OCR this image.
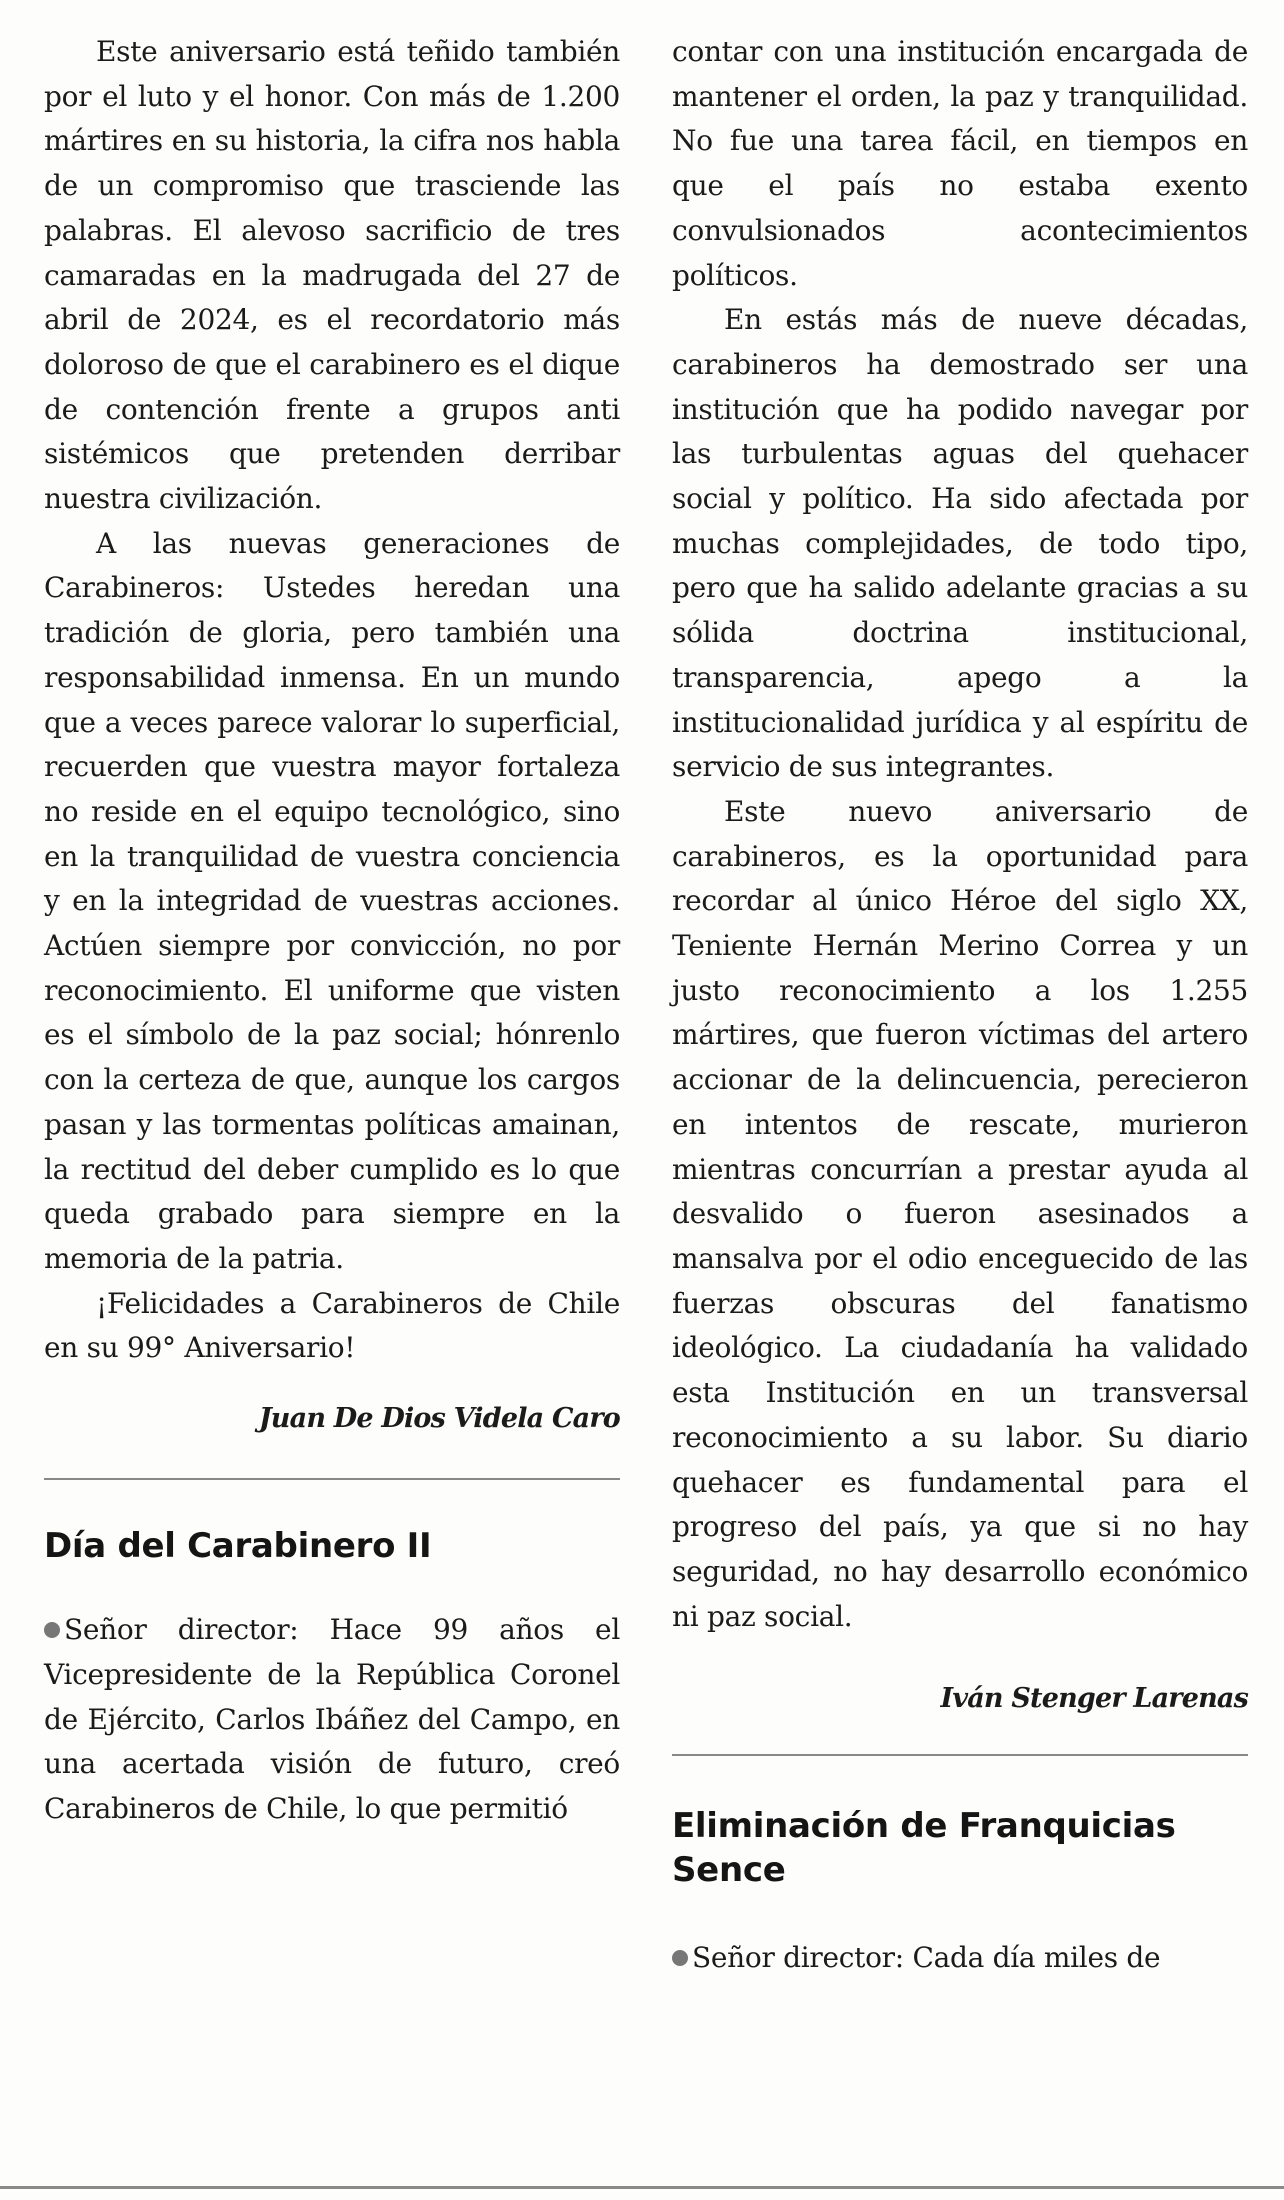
Este aniversario está teñido también por el luto y el honor. Con más de 1.200 mártires en su historia, la cifra nos habla de un compromiso que trasciende las palabras. El alevoso sacrificio de tres camaradas en la madrugada del 27 de abril de 2024, es el recordatorio más doloroso de que el carabinero es el dique de contención frente a grupos anti sistémicos que pretenden derribar nuestra civilización.

A las nuevas generaciones de Carabineros: Ustedes heredan una tradición de gloria, pero también una responsabilidad inmensa. En un mundo que a veces parece valorar lo superficial, recuerden que vuestra mayor fortaleza no reside en el equipo tecnológico, sino en la tranquilidad de vuestra conciencia y en la integridad de vuestras acciones. Actúen siempre por convicción, no por reconocimiento. El uniforme que visten es el símbolo de la paz social; hónrenlo con la certeza de que, aunque los cargos pasan y las tormentas políticas amainan, la rectitud del deber cumplido es lo que queda grabado para siempre en la memoria de la patria.

¡Felicidades a Carabineros de Chile en su 99° Aniversario!

Juan De Dios Videla Caro
Día del Carabinero II

Señor director: Hace 99 años el Vicepresidente de la República Coronel de Ejército, Carlos Ibáñez del Campo, en una acertada visión de futuro, creó Carabineros de Chile, lo que permitió

contar con una institución encargada de mantener el orden, la paz y tranquilidad. No fue una tarea fácil, en tiempos en que el país no estaba exento convulsionados acontecimientos políticos.

En estás más de nueve décadas, carabineros ha demostrado ser una institución que ha podido navegar por las turbulentas aguas del quehacer social y político. Ha sido afectada por muchas complejidades, de todo tipo, pero que ha salido adelante gracias a su sólida doctrina institucional, transparencia, apego a la institucionalidad jurídica y al espíritu de servicio de sus integrantes.

Este nuevo aniversario de carabineros, es la oportunidad para recordar al único Héroe del siglo XX, Teniente Hernán Merino Correa y un justo reconocimiento a los 1.255 mártires, que fueron víctimas del artero accionar de la delincuencia, perecieron en intentos de rescate, murieron mientras concurrían a prestar ayuda al desvalido o fueron asesinados a mansalva por el odio enceguecido de las fuerzas obscuras del fanatismo ideológico. La ciudadanía ha validado esta Institución en un transversal reconocimiento a su labor. Su diario quehacer es fundamental para el progreso del país, ya que si no hay seguridad, no hay desarrollo económico ni paz social.

Iván Stenger Larenas
Eliminación de Franquicias Sence

Señor director: Cada día miles de
